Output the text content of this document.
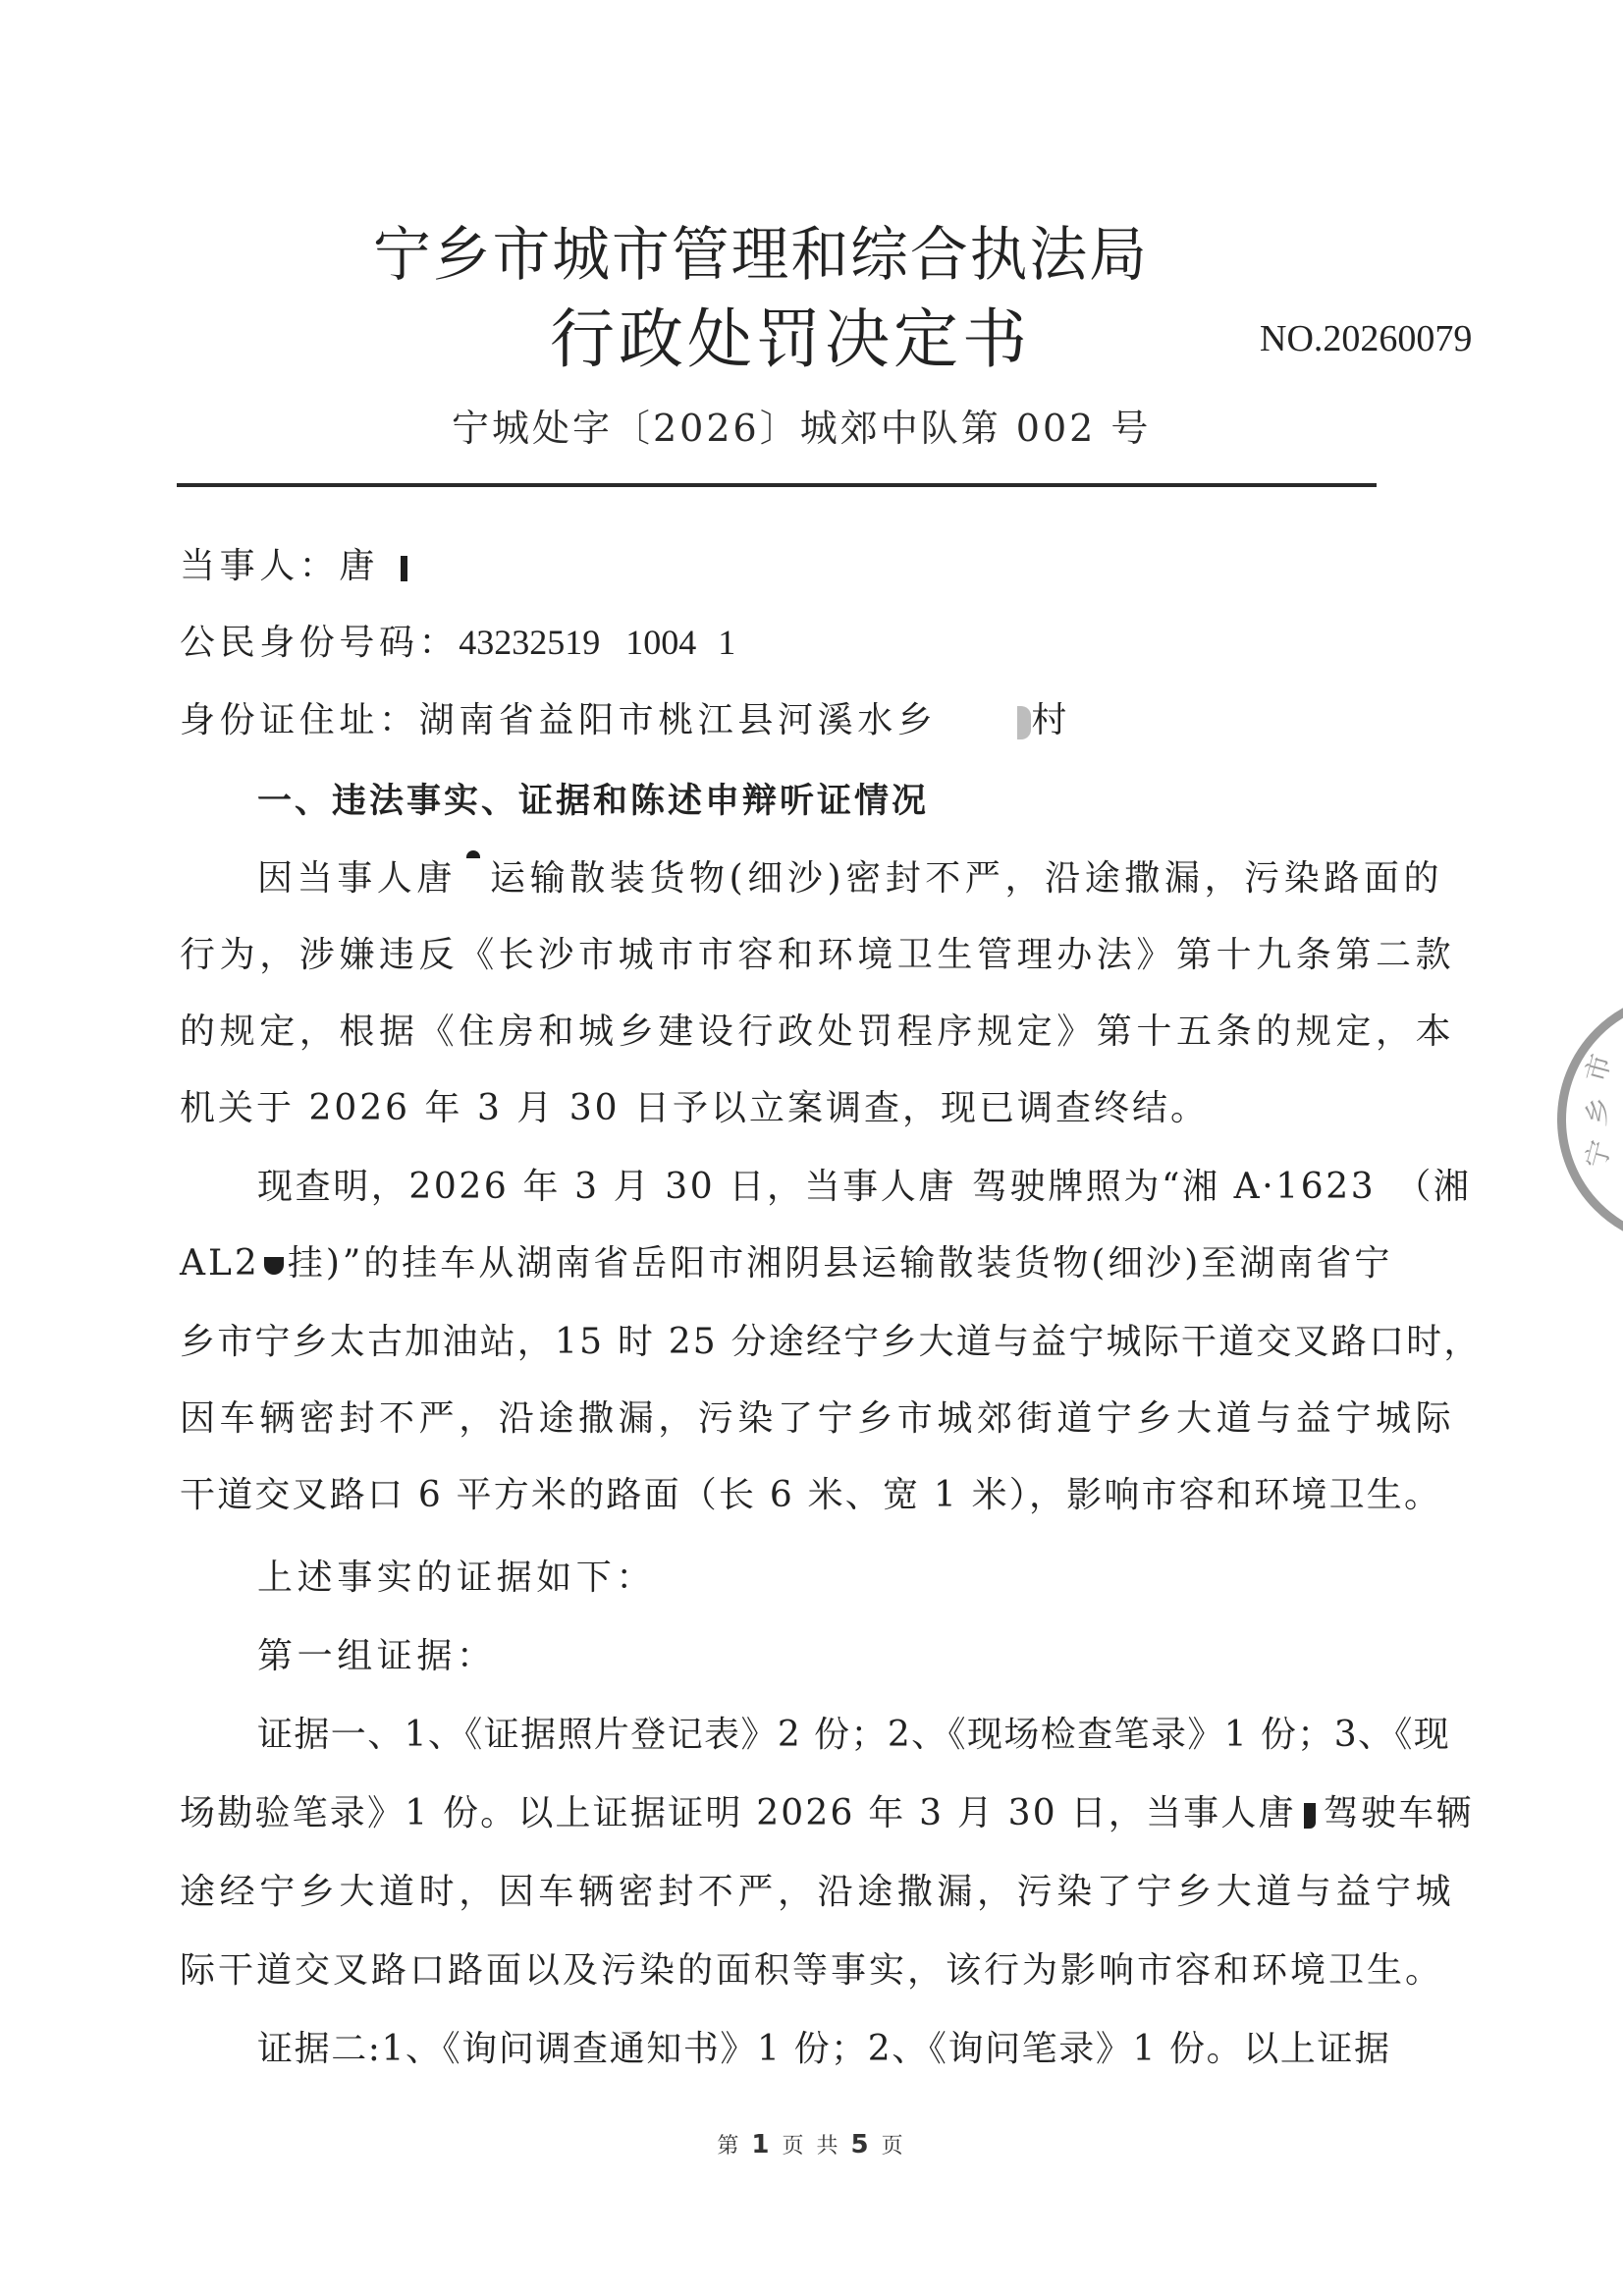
宁乡市城市管理和综合执法局
行政处罚决定书	NO.20260079
宁城处字〔2026〕城郊中队第 002 号
当事人：唐
公民身份号码：43232519 1004 1
身份证住址：湖南省益阳市桃江县河溪水乡	村
一、违法事实、证据和陈述申辩听证情况
因当事人唐 运输散装货物(细沙)密封不严，沿途撒漏，污染路面的
行为，涉嫌违反《长沙市城市市容和环境卫生管理办法》第十九条第二款
的规定，根据《住房和城乡建设行政处罚程序规定》第十五条的规定，本
机关于 2026 年 3 月 30 日予以立案调查，现已调查终结。
现查明，2026 年 3 月 30 日，当事人唐 驾驶牌照为“湘 A·1623 （湘
AL2 挂)”的挂车从湖南省岳阳市湘阴县运输散装货物(细沙)至湖南省宁
乡市宁乡太古加油站，15 时 25 分途经宁乡大道与益宁城际干道交叉路口时，
因车辆密封不严，沿途撒漏，污染了宁乡市城郊街道宁乡大道与益宁城际
干道交叉路口 6 平方米的路面（长 6 米、宽 1 米），影响市容和环境卫生。
上述事实的证据如下：
第一组证据：
证据一、1、《证据照片登记表》2 份；2、《现场检查笔录》1 份；3、《现
场勘验笔录》1 份。以上证据证明 2026 年 3 月 30 日，当事人唐 驾驶车辆
途经宁乡大道时，因车辆密封不严，沿途撒漏，污染了宁乡大道与益宁城
际干道交叉路口路面以及污染的面积等事实，该行为影响市容和环境卫生。
证据二:1、《询问调查通知书》1 份；2、《询问笔录》1 份。以上证据
第 1 页 共 5 页
市
乡
宁
